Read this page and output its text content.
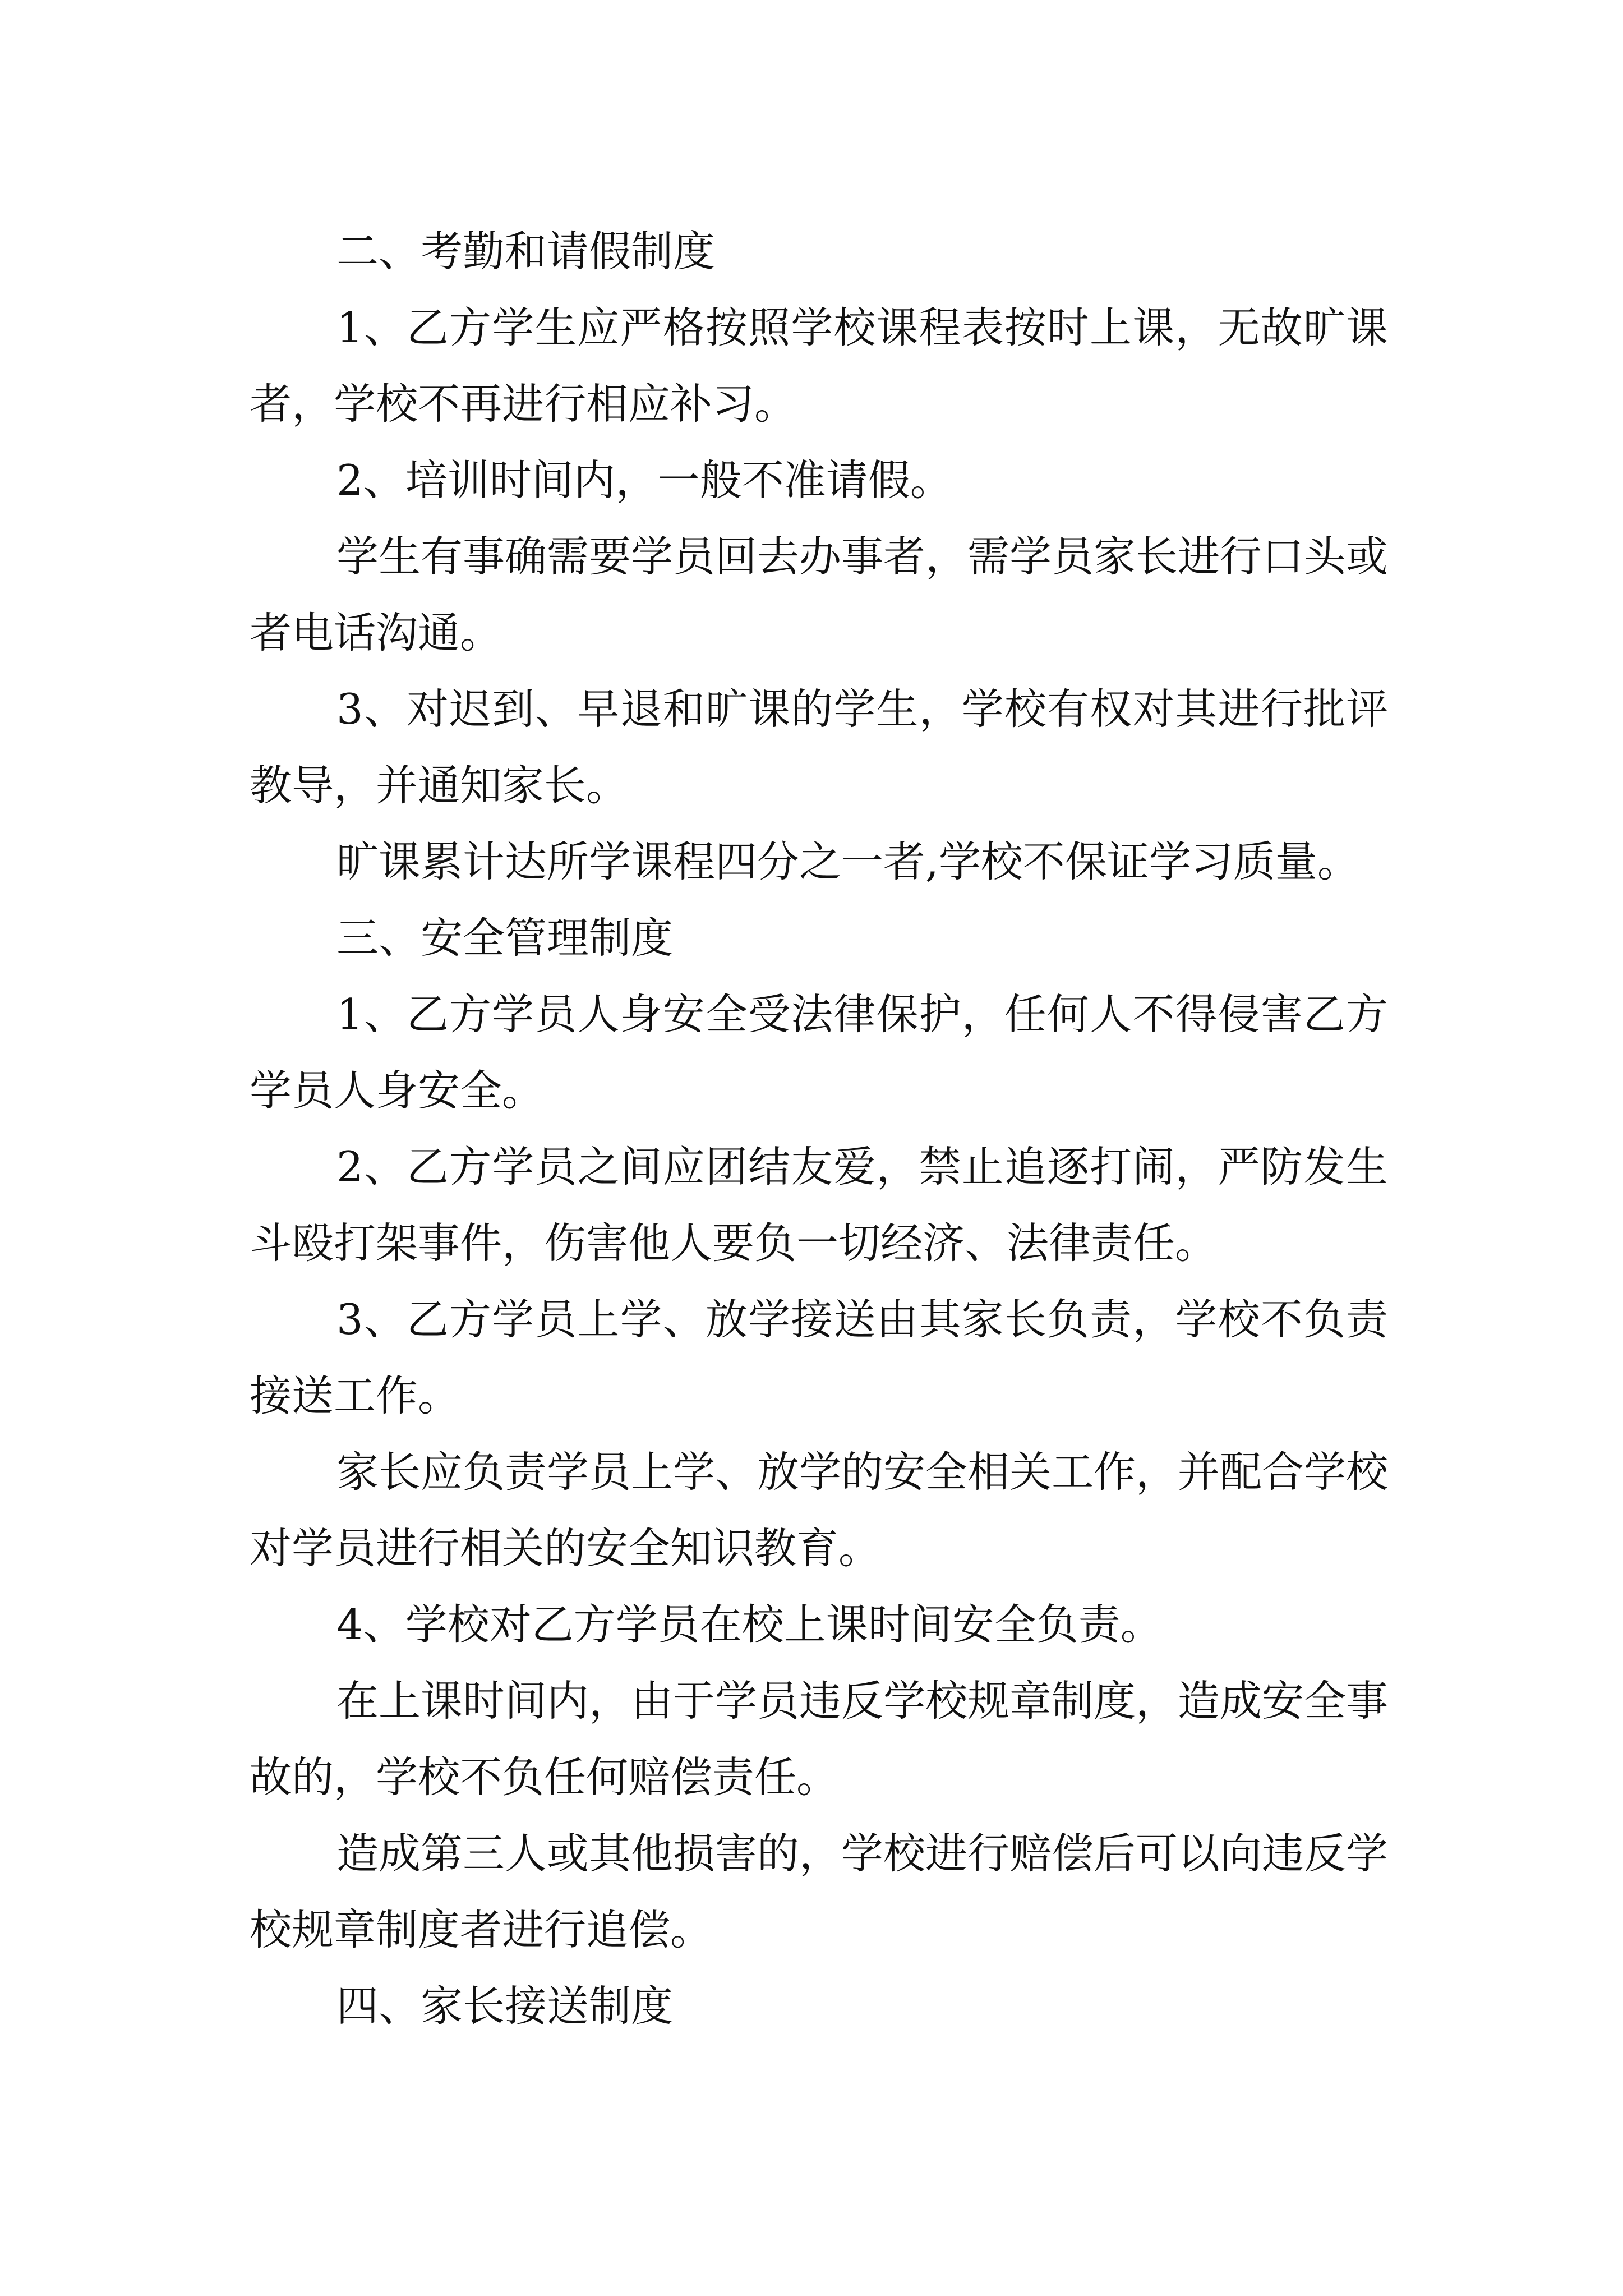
二、考勤和请假制度

1、乙方学生应严格按照学校课程表按时上课，无故旷课者，学校不再进行相应补习。

2、培训时间内，一般不准请假。

学生有事确需要学员回去办事者，需学员家长进行口头或者电话沟通。

3、对迟到、早退和旷课的学生，学校有权对其进行批评教导，并通知家长。

旷课累计达所学课程四分之一者,学校不保证学习质量。

三、安全管理制度

1、乙方学员人身安全受法律保护，任何人不得侵害乙方学员人身安全。

2、乙方学员之间应团结友爱，禁止追逐打闹，严防发生斗殴打架事件，伤害他人要负一切经济、法律责任。

3、乙方学员上学、放学接送由其家长负责，学校不负责接送工作。

家长应负责学员上学、放学的安全相关工作，并配合学校对学员进行相关的安全知识教育。

4、学校对乙方学员在校上课时间安全负责。

在上课时间内，由于学员违反学校规章制度，造成安全事故的，学校不负任何赔偿责任。

造成第三人或其他损害的，学校进行赔偿后可以向违反学校规章制度者进行追偿。

四、家长接送制度
